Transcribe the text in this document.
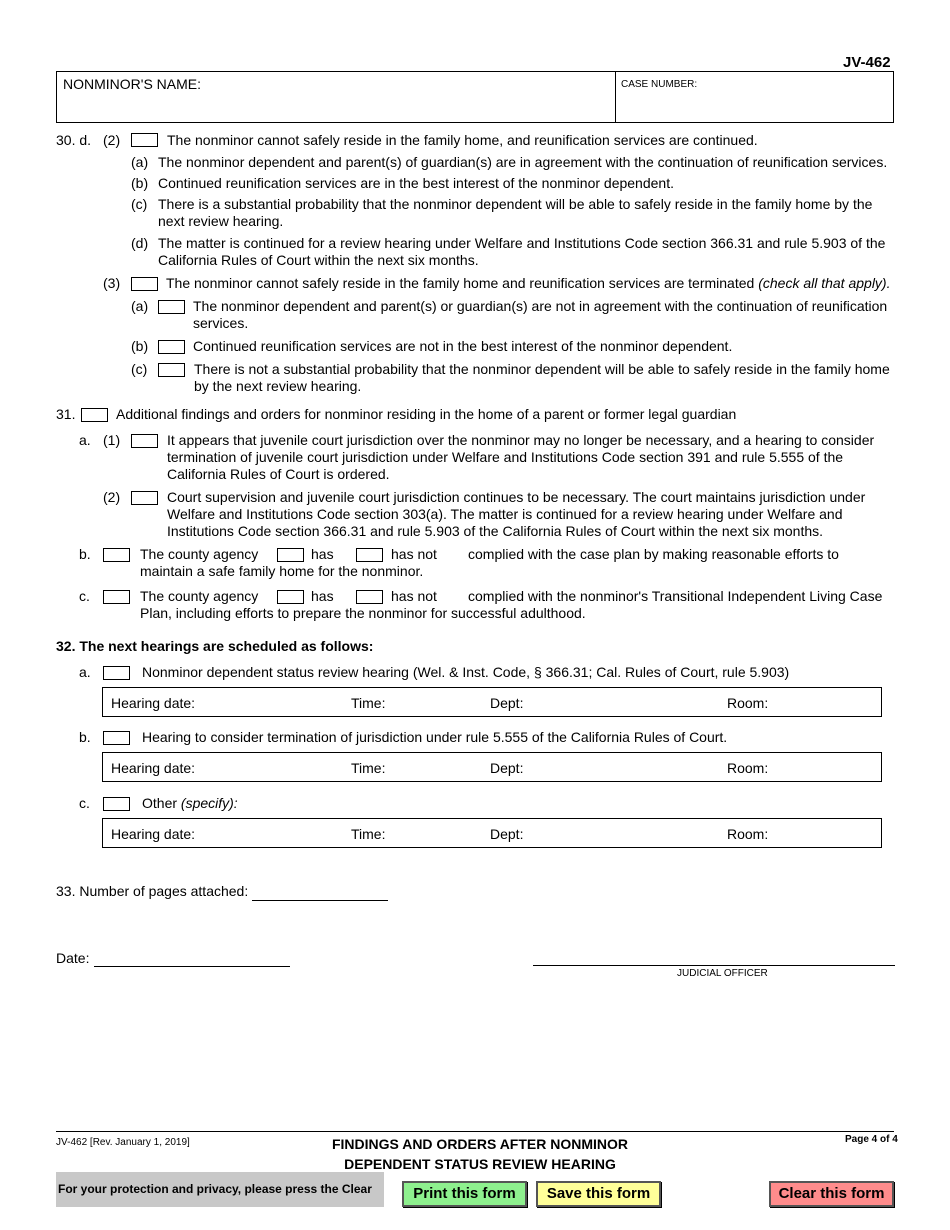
JV-462
NONMINOR'S NAME:	CASE NUMBER:
30. d. (2)	The nonminor cannot safely reside in the family home, and reunification services are continued.
(a) The nonminor dependent and parent(s) of guardian(s) are in agreement with the continuation of reunification services.
(b) Continued reunification services are in the best interest of the nonminor dependent.
(c) There is a substantial probability that the nonminor dependent will be able to safely reside in the family home by the next review hearing.
(d) The matter is continued for a review hearing under Welfare and Institutions Code section 366.31 and rule 5.903 of the California Rules of Court within the next six months.
(3)	The nonminor cannot safely reside in the family home and reunification services are terminated (check all that apply).
(a)	The nonminor dependent and parent(s) or guardian(s) are not in agreement with the continuation of reunification services.
(b)	Continued reunification services are not in the best interest of the nonminor dependent.
(c)	There is not a substantial probability that the nonminor dependent will be able to safely reside in the family home by the next review hearing.
31.	Additional findings and orders for nonminor residing in the home of a parent or former legal guardian
a. (1)	It appears that juvenile court jurisdiction over the nonminor may no longer be necessary, and a hearing to consider termination of juvenile court jurisdiction under Welfare and Institutions Code section 391 and rule 5.555 of the California Rules of Court is ordered.
(2)	Court supervision and juvenile court jurisdiction continues to be necessary. The court maintains jurisdiction under Welfare and Institutions Code section 303(a). The matter is continued for a review hearing under Welfare and Institutions Code section 366.31 and rule 5.903 of the California Rules of Court within the next six months.
b.	The county agency	has	has not complied with the case plan by making reasonable efforts to
maintain a safe family home for the nonminor.
c.	The county agency	has	has not complied with the nonminor's Transitional Independent Living Case
Plan, including efforts to prepare the nonminor for successful adulthood.
32. The next hearings are scheduled as follows:
a.	Nonminor dependent status review hearing (Wel. & Inst. Code, § 366.31; Cal. Rules of Court, rule 5.903)
Hearing date:	Time:	Dept:	Room:
b.	Hearing to consider termination of jurisdiction under rule 5.555 of the California Rules of Court.
Hearing date:	Time:	Dept:	Room:
c.	Other (specify):
Hearing date:	Time:	Dept:	Room:
33. Number of pages attached:
Date:
JUDICIAL OFFICER
JV-462 [Rev. January 1, 2019]	FINDINGS AND ORDERS AFTER NONMINOR
DEPENDENT STATUS REVIEW HEARING
Page 4 of 4
For your protection and privacy, please press the Clear	Print this form	Save this form	Clear this form
